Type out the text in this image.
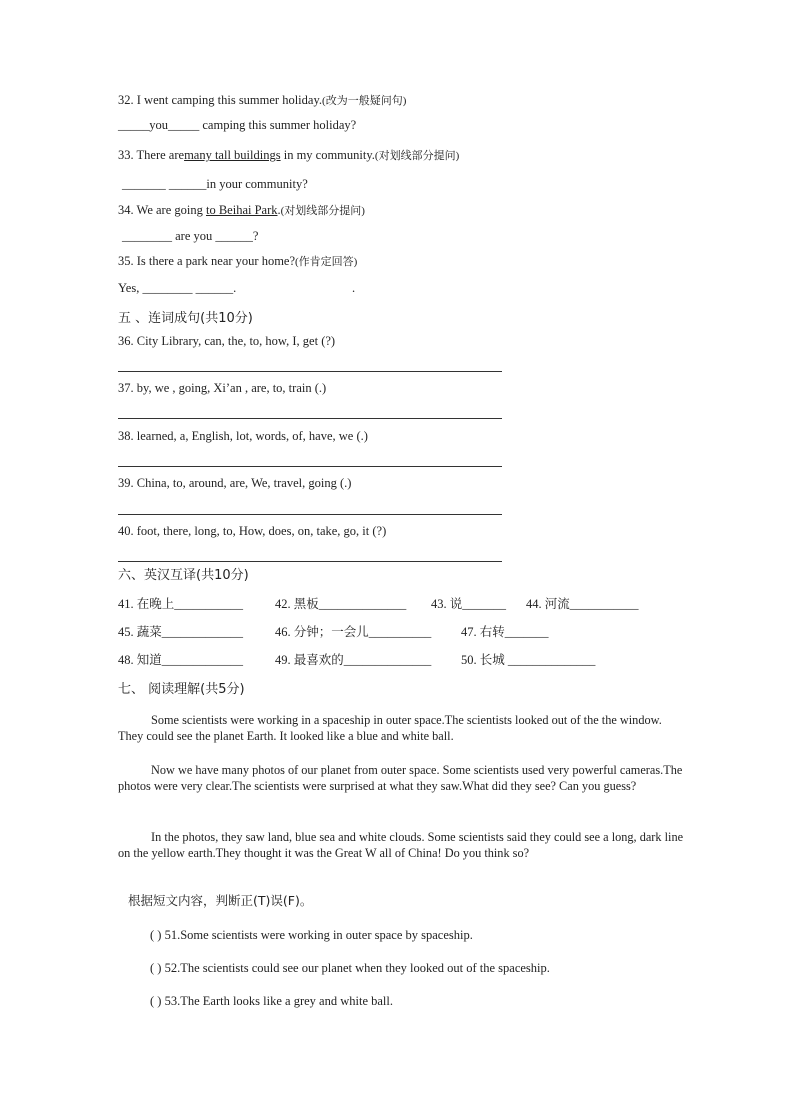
32. I went camping this summer holiday.(改为一般疑问句)
_____you_____ camping this summer holiday?
33. There aremany tall buildings in my community.(对划线部分提问)
_______ ______in your community?
34. We are going to Beihai Park.(对划线部分提问)
________ are you ______?
35. Is there a park near your home?(作肯定回答)
Yes, ________ ______.	.
五 、连词成句(共10分)
36. City Library, can, the, to, how, I, get (?)
37. by, we , going, Xi’an , are, to, train (.)
38. learned, a, English, lot, words, of, have, we (.)
39. China, to, around, are, We, travel, going (.)
40. foot, there, long, to, How, does, on, take, go, it (?)
六、英汉互译(共10分)
41. 在晚上___________	42. 黑板______________ 43. 说_______ 44. 河流___________
45. 蔬菜_____________	46. 分钟；一会儿__________ 47. 右转_______
48. 知道_____________	49. 最喜欢的______________ 50. 长城 ______________
七、 阅读理解(共5分)

Some scientists were working in a spaceship in outer space.The scientists looked out of the the window. They could see the planet Earth. It looked like a blue and white ball.

Now we have many photos of our planet from outer space. Some scientists used very powerful cameras.The photos were very clear.The scientists were surprised at what they saw.What did they see? Can you guess?

In the photos, they saw land, blue sea and white clouds. Some scientists said they could see a long, dark line on the yellow earth.They thought it was the Great W all of China! Do you think so?

根据短文内容，判断正(T)误(F)。
( ) 51.Some scientists were working in outer space by spaceship.
( ) 52.The scientists could see our planet when they looked out of the spaceship.
( ) 53.The Earth looks like a grey and white ball.
